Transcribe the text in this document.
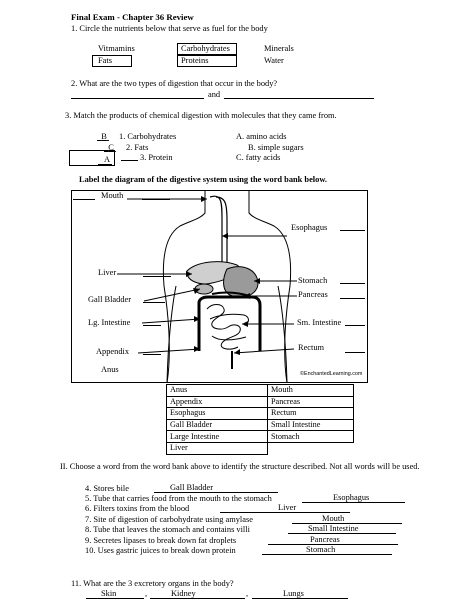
Final Exam - Chapter 36 Review
1. Circle the nutrients below that serve as fuel for the body
Vitmamins	Carbohydrates	Minerals
Fats	Proteins	Water
2. What are the two types of digestion that occur in the body?
and
3. Match the products of chemical digestion with molecules that they came from.
B 1. Carbohydrates	A. amino acids
C 2. Fats	B. simple sugars
A	3. Protein	C. fatty acids
Label the diagram of the digestive system using the word bank below.
Mouth
Liver
Gall Bladder
Lg. Intestine
Appendix
Anus
Esophagus
Stomach
Pancreas
Sm. Intestine
Rectum
©EnchantedLearning.com
Anus	Mouth
Appendix	Pancreas
Esophagus	Rectum
Gall Bladder	Small Intestine
Large Intestine	Stomach
Liver	
II. Choose a word from the word bank above to identify the structure described. Not all words will be used.
4. Stores bile	Gall Bladder
5. Tube that carries food from the mouth to the stomach	Esophagus
6. Filters toxins from the blood	Liver
7. Site of digestion of carbohydrate using amylase	Mouth
8. Tube that leaves the stomach and contains villi	Small Intestine
9. Secretes lipases to break down fat droplets	Pancreas
10. Uses gastric juices to break down protein	Stomach
11. What are the 3 excretory organs in the body?
Skin	,	Kidney	,	Lungs
